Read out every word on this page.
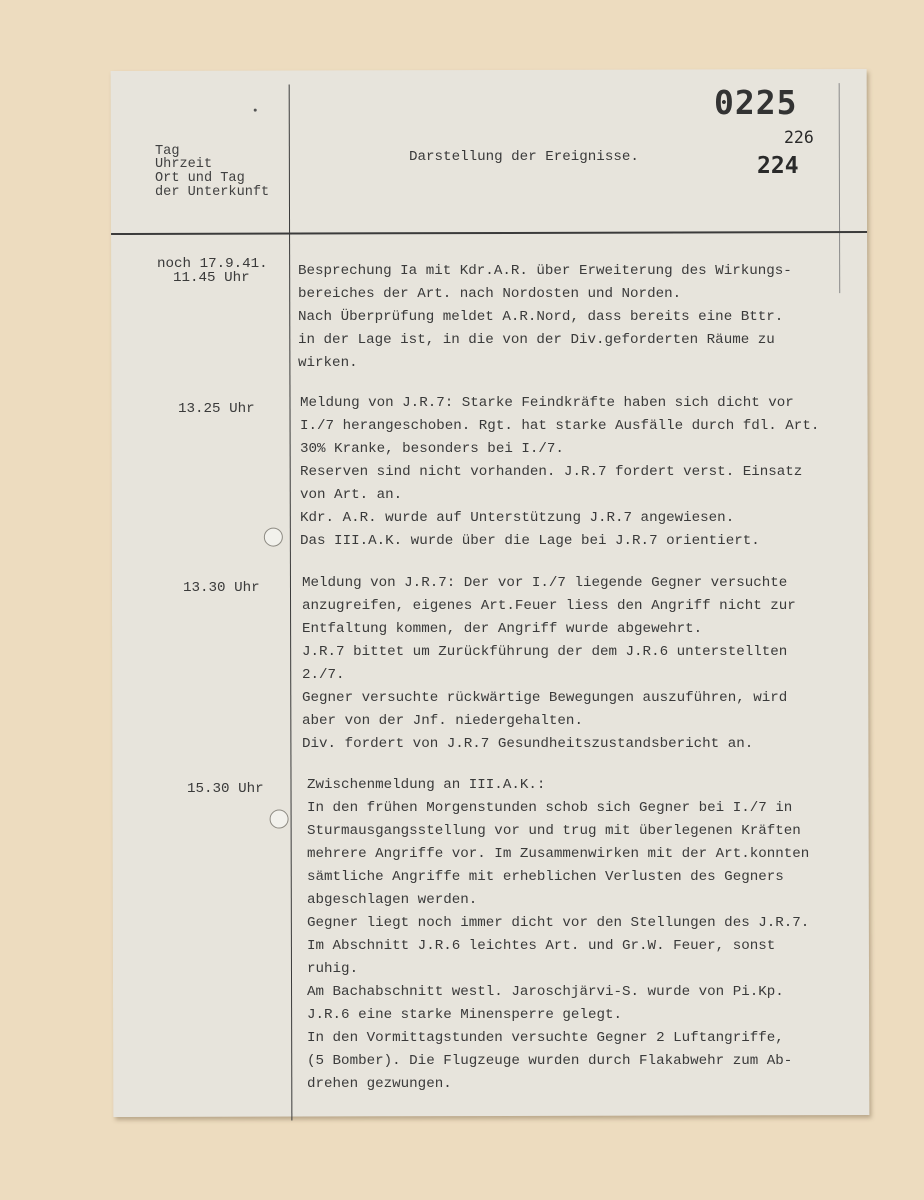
Tag
Uhrzeit
Ort und Tag
der Unterkunft
Darstellung der Ereignisse.
0225
226
224
noch 17.9.41.
11.45 Uhr	Besprechung Ia mit Kdr.A.R. über Erweiterung des Wirkungs-
bereiches der Art. nach Nordosten und Norden.
Nach Überprüfung meldet A.R.Nord, dass bereits eine Bttr.
in der Lage ist, in die von der Div.geforderten Räume zu
wirken.
13.25 Uhr	Meldung von J.R.7: Starke Feindkräfte haben sich dicht vor
I./7 herangeschoben. Rgt. hat starke Ausfälle durch fdl. Art.
30% Kranke, besonders bei I./7.
Reserven sind nicht vorhanden. J.R.7 fordert verst. Einsatz
von Art. an.
Kdr. A.R. wurde auf Unterstützung J.R.7 angewiesen.
Das III.A.K. wurde über die Lage bei J.R.7 orientiert.
13.30 Uhr	Meldung von J.R.7: Der vor I./7 liegende Gegner versuchte
anzugreifen, eigenes Art.Feuer liess den Angriff nicht zur
Entfaltung kommen, der Angriff wurde abgewehrt.
J.R.7 bittet um Zurückführung der dem J.R.6 unterstellten
2./7.
Gegner versuchte rückwärtige Bewegungen auszuführen, wird
aber von der Jnf. niedergehalten.
Div. fordert von J.R.7 Gesundheitszustandsbericht an.
15.30 Uhr	Zwischenmeldung an III.A.K.:
In den frühen Morgenstunden schob sich Gegner bei I./7 in
Sturmausgangsstellung vor und trug mit überlegenen Kräften
mehrere Angriffe vor. Im Zusammenwirken mit der Art.konnten
sämtliche Angriffe mit erheblichen Verlusten des Gegners
abgeschlagen werden.
Gegner liegt noch immer dicht vor den Stellungen des J.R.7.
Im Abschnitt J.R.6 leichtes Art. und Gr.W. Feuer, sonst
ruhig.
Am Bachabschnitt westl. Jaroschjärvi-S. wurde von Pi.Kp.
J.R.6 eine starke Minensperre gelegt.
In den Vormittagstunden versuchte Gegner 2 Luftangriffe,
(5 Bomber). Die Flugzeuge wurden durch Flakabwehr zum Ab-
drehen gezwungen.
